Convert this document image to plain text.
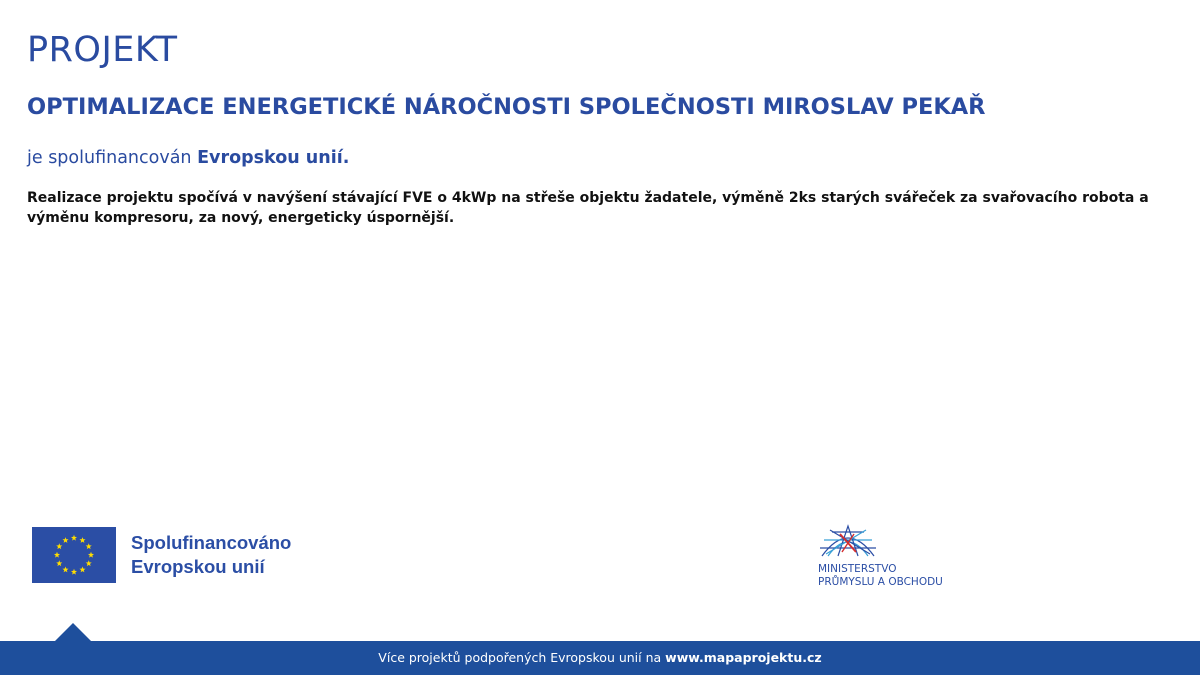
PROJEKT
OPTIMALIZACE ENERGETICKÉ NÁROČNOSTI SPOLEČNOSTI MIROSLAV PEKAŘ
je spolufinancován Evropskou unií.
Realizace projektu spočívá v navýšení stávající FVE o 4kWp na střeše objektu žadatele, výměně 2ks starých svářeček za svařovacího robota a výměnu kompresoru, za nový, energeticky úspornější.
Spolufinancováno
Evropskou unií	MINISTERSTVO
PRŮMYSLU A OBCHODU
Více projektů podpořených Evropskou unií na www.mapaprojektu.cz
